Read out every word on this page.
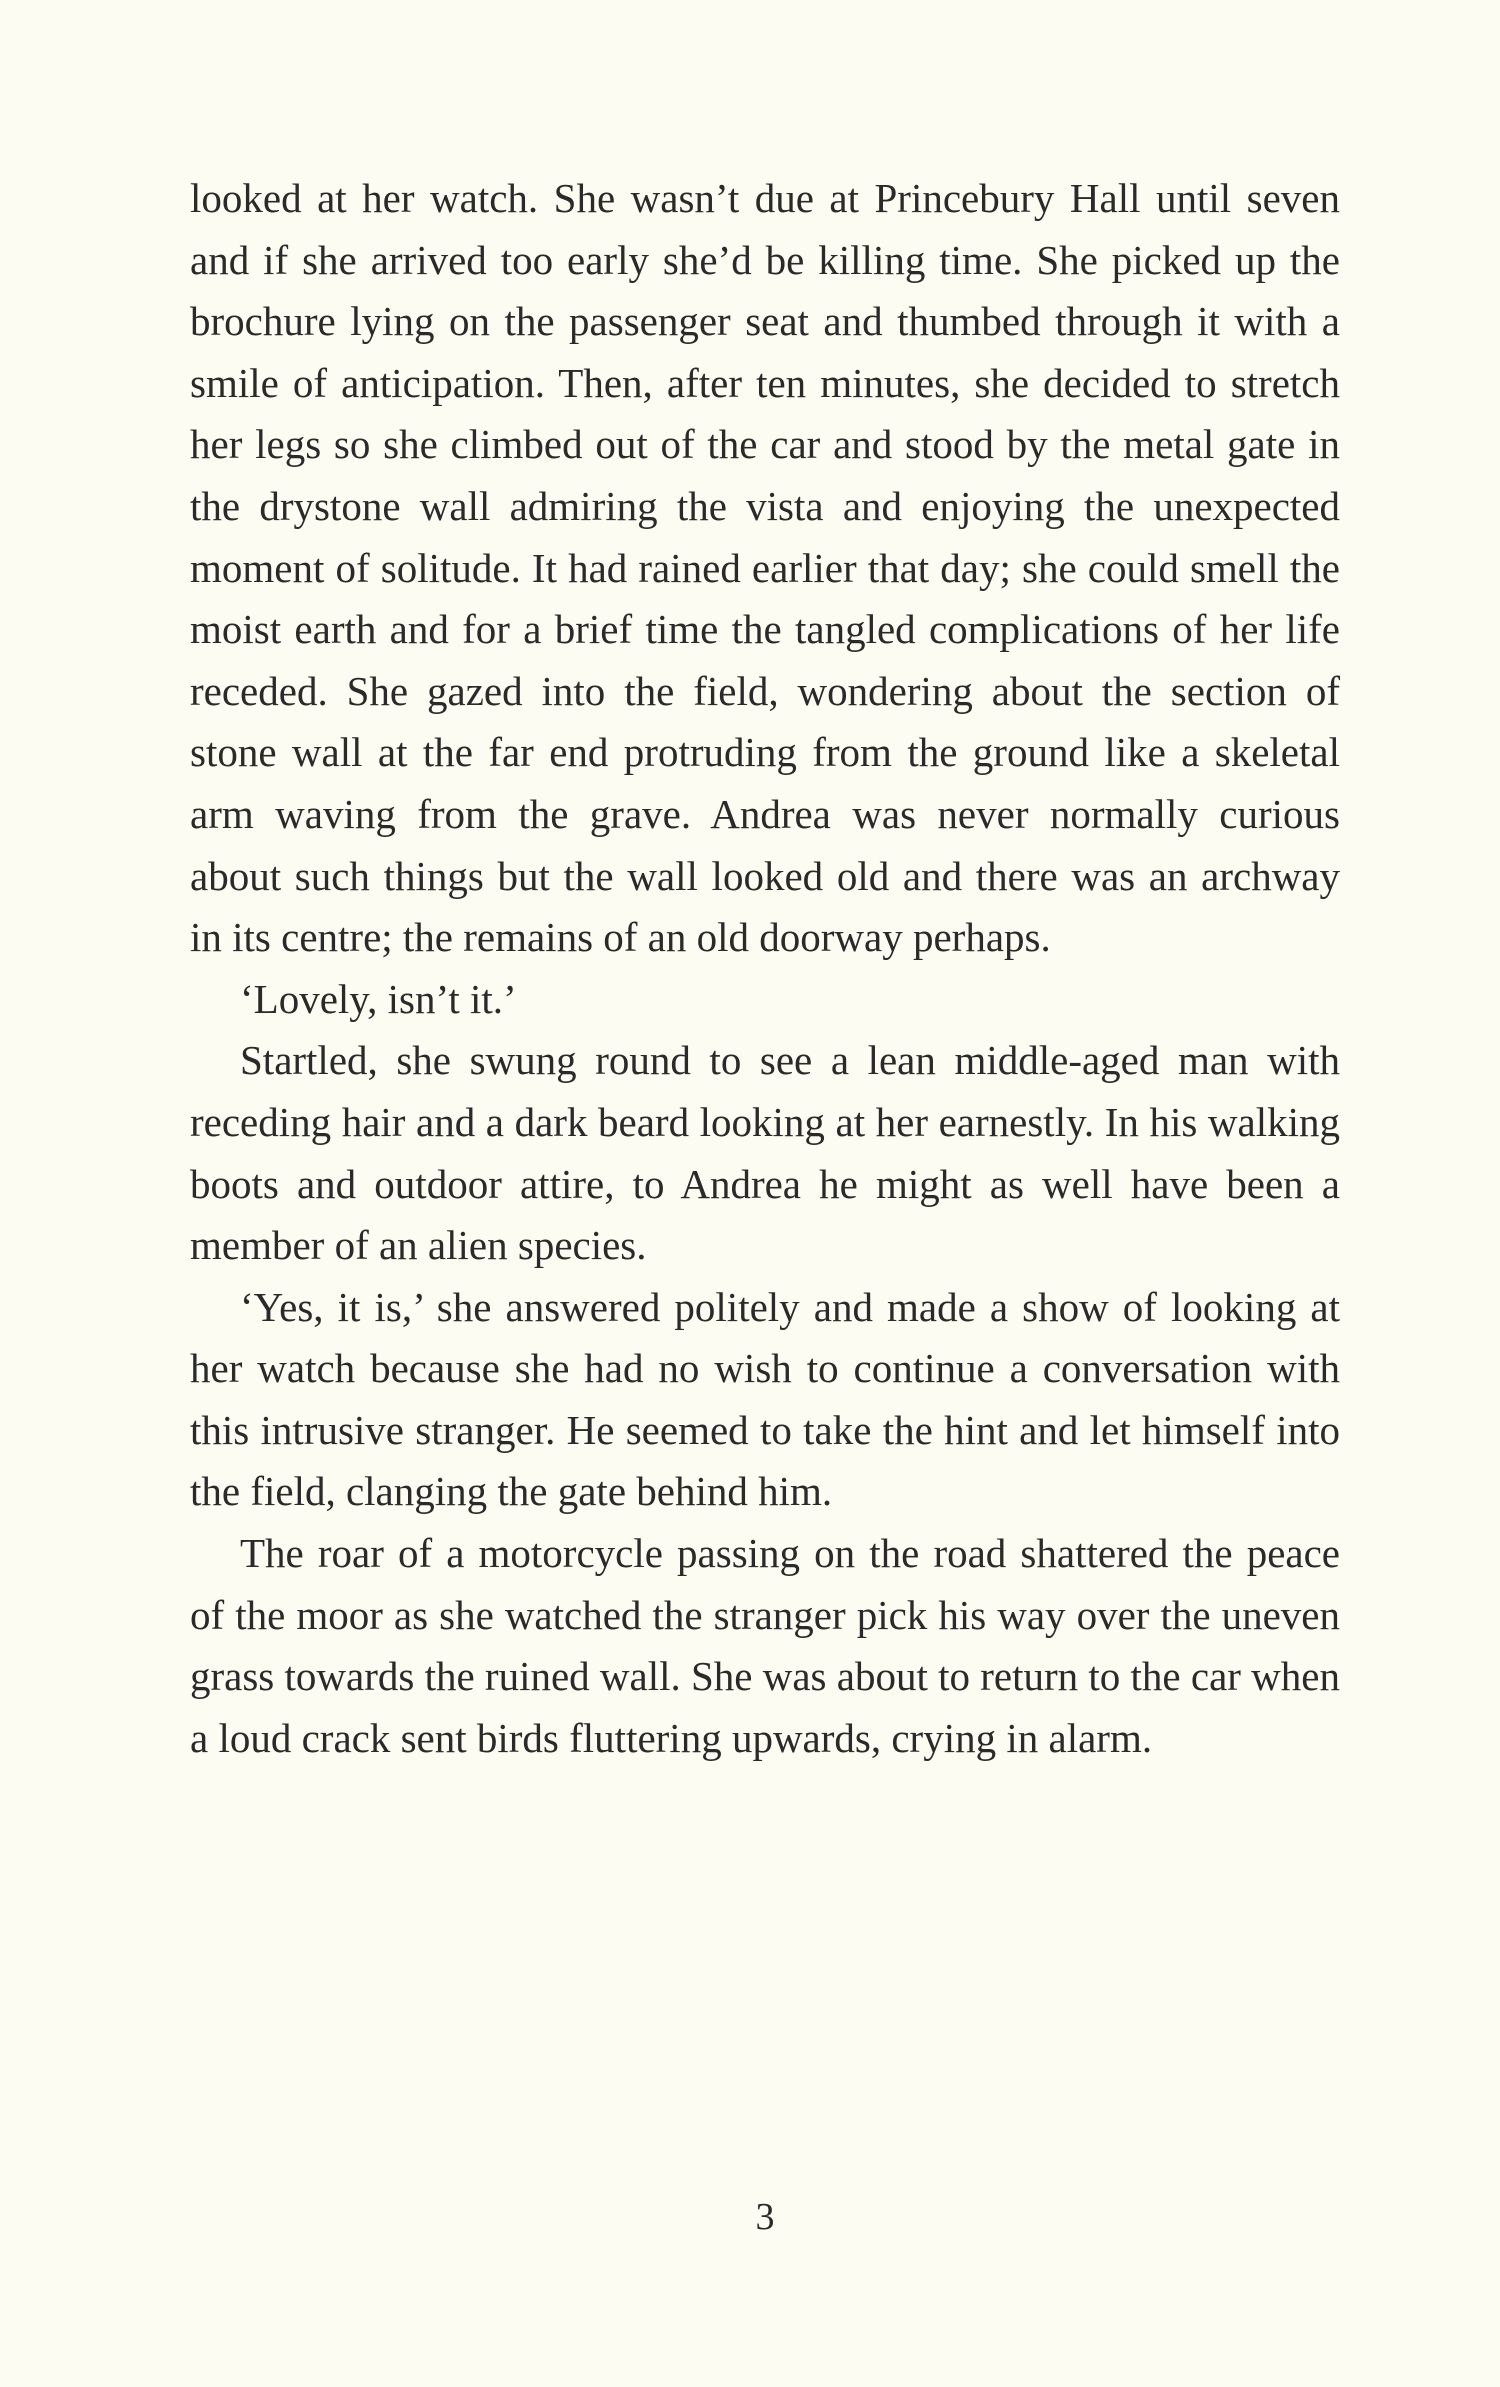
looked at her watch. She wasn’t due at Princebury Hall until seven and if she arrived too early she’d be killing time. She picked up the brochure lying on the passenger seat and thumbed through it with a smile of anticipation. Then, after ten minutes, she decided to stretch her legs so she climbed out of the car and stood by the metal gate in the drystone wall admiring the vista and enjoying the unexpected moment of solitude. It had rained earlier that day; she could smell the moist earth and for a brief time the tangled complications of her life receded. She gazed into the field, wondering about the section of stone wall at the far end protruding from the ground like a skeletal arm waving from the grave. Andrea was never normally curious about such things but the wall looked old and there was an archway in its centre; the remains of an old doorway perhaps.

‘Lovely, isn’t it.’

Startled, she swung round to see a lean middle-aged man with receding hair and a dark beard looking at her earnestly. In his walking boots and outdoor attire, to Andrea he might as well have been a member of an alien species.

‘Yes, it is,’ she answered politely and made a show of looking at her watch because she had no wish to continue a conversation with this intrusive stranger. He seemed to take the hint and let himself into the field, clanging the gate behind him.

The roar of a motorcycle passing on the road shattered the peace of the moor as she watched the stranger pick his way over the uneven grass towards the ruined wall. She was about to return to the car when a loud crack sent birds fluttering upwards, crying in alarm.

3
